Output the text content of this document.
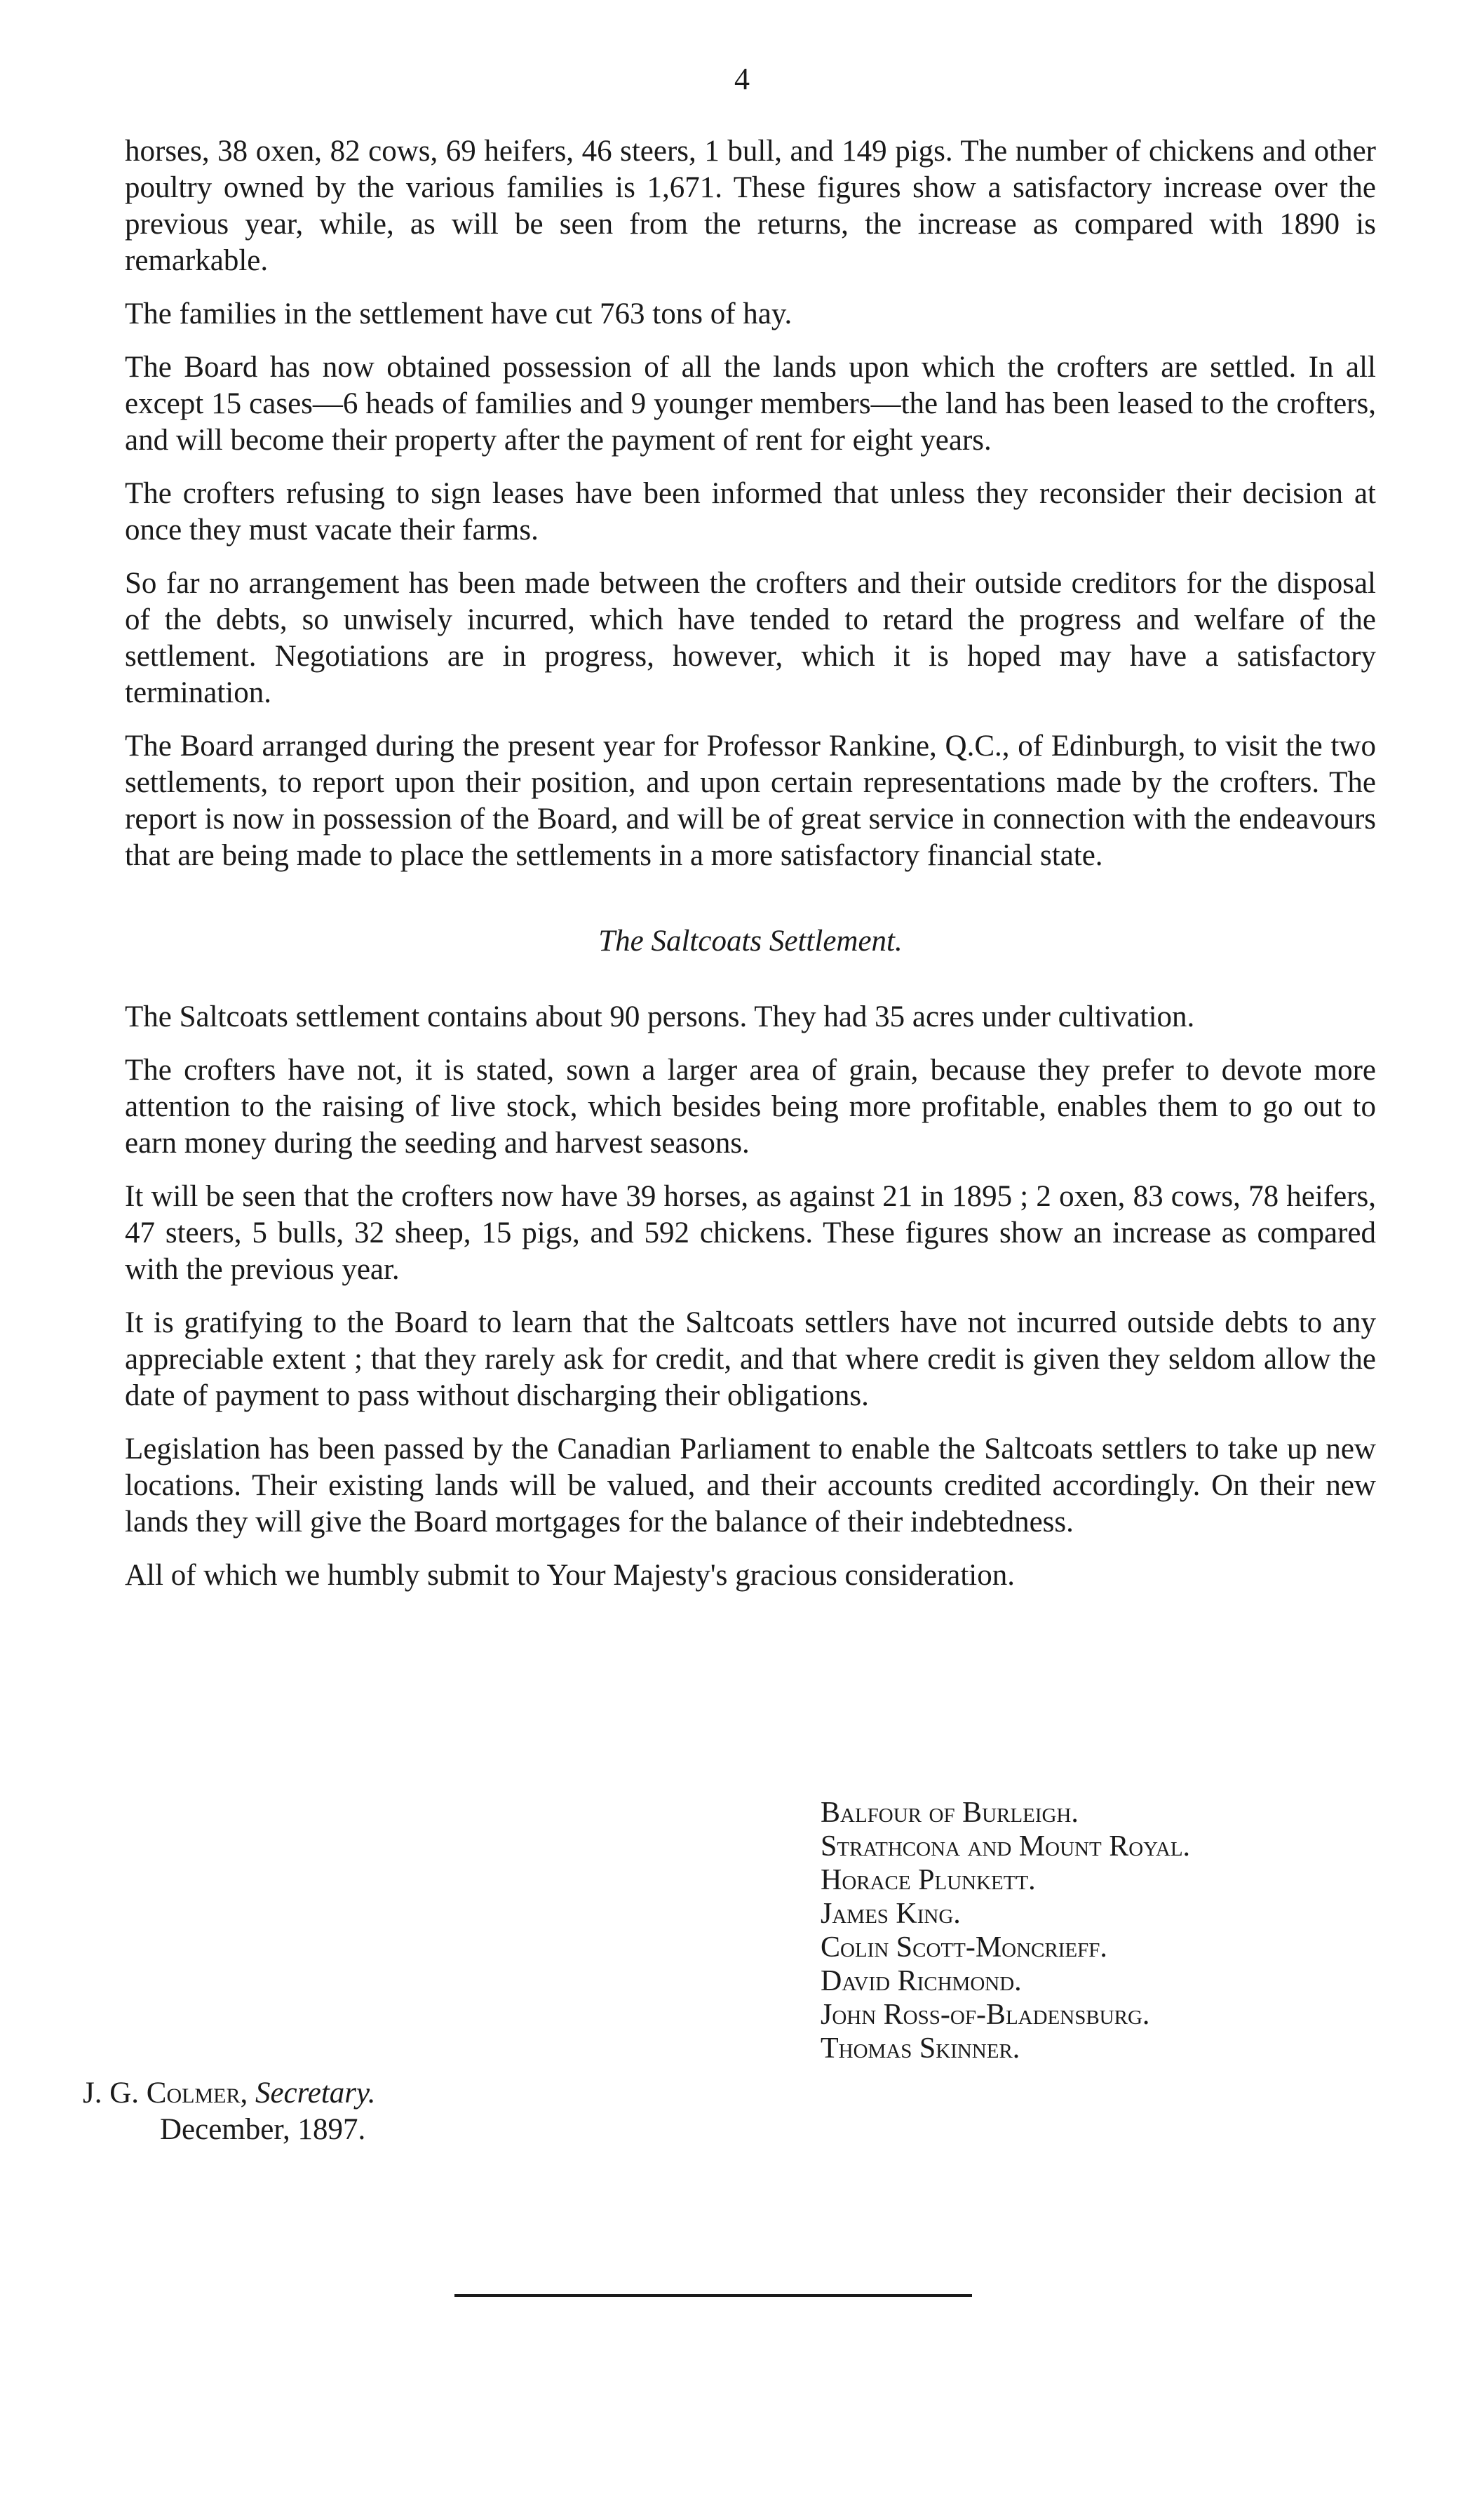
4

horses, 38 oxen, 82 cows, 69 heifers, 46 steers, 1 bull, and 149 pigs. The number of chickens and other poultry owned by the various families is 1,671. These figures show a satisfactory increase over the previous year, while, as will be seen from the returns, the increase as compared with 1890 is remarkable.

The families in the settlement have cut 763 tons of hay.

The Board has now obtained possession of all the lands upon which the crofters are settled. In all except 15 cases—6 heads of families and 9 younger members—the land has been leased to the crofters, and will become their property after the payment of rent for eight years.

The crofters refusing to sign leases have been informed that unless they reconsider their decision at once they must vacate their farms.

So far no arrangement has been made between the crofters and their outside creditors for the disposal of the debts, so unwisely incurred, which have tended to retard the progress and welfare of the settlement. Negotiations are in progress, however, which it is hoped may have a satisfactory termination.

The Board arranged during the present year for Professor Rankine, Q.C., of Edinburgh, to visit the two settlements, to report upon their position, and upon certain representations made by the crofters. The report is now in possession of the Board, and will be of great service in connection with the endeavours that are being made to place the settlements in a more satisfactory financial state.

The Saltcoats Settlement.

The Saltcoats settlement contains about 90 persons. They had 35 acres under cultivation.

The crofters have not, it is stated, sown a larger area of grain, because they prefer to devote more attention to the raising of live stock, which besides being more profitable, enables them to go out to earn money during the seeding and harvest seasons.

It will be seen that the crofters now have 39 horses, as against 21 in 1895 ; 2 oxen, 83 cows, 78 heifers, 47 steers, 5 bulls, 32 sheep, 15 pigs, and 592 chickens. These figures show an increase as compared with the previous year.

It is gratifying to the Board to learn that the Saltcoats settlers have not incurred outside debts to any appreciable extent ; that they rarely ask for credit, and that where credit is given they seldom allow the date of payment to pass without discharging their obligations.

Legislation has been passed by the Canadian Parliament to enable the Saltcoats settlers to take up new locations. Their existing lands will be valued, and their accounts credited accordingly. On their new lands they will give the Board mortgages for the balance of their indebtedness.

All of which we humbly submit to Your Majesty's gracious consideration.

Balfour of Burleigh.
Strathcona and Mount Royal.
Horace Plunkett.
James King.
Colin Scott-Moncrieff.
David Richmond.
John Ross-of-Bladensburg.
Thomas Skinner.
J. G. Colmer, Secretary.
December, 1897.
